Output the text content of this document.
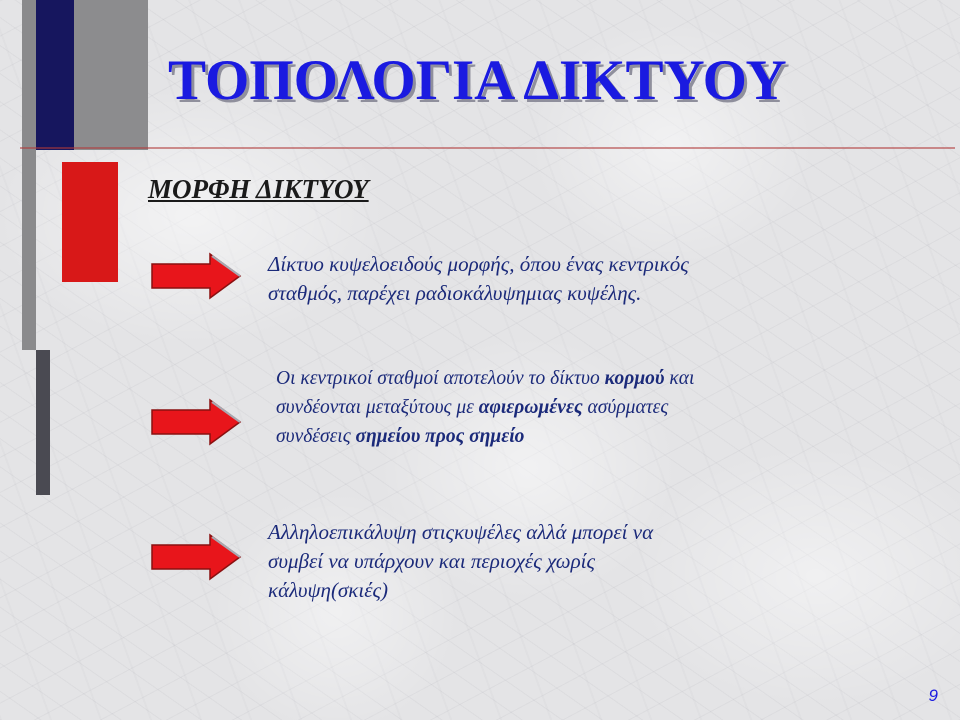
ΤΟΠΟΛΟΓΙΑ ΔΙΚΤΥΟΥ
ΜΟΡΦΗ ΔΙΚΤΥΟΥ

Δίκτυο κυψελοειδούς μορφής, όπου ένας κεντρικός
σταθμός, παρέχει ραδιοκάλυψημιας κυψέλης.

Οι κεντρικοί σταθμοί αποτελούν το δίκτυο κορμού και
συνδέονται μεταξύτους με αφιερωμένες ασύρματες
συνδέσεις σημείου προς σημείο

Αλληλοεπικάλυψη στιςκυψέλες αλλά μπορεί να
συμβεί να υπάρχουν και περιοχές χωρίς
κάλυψη(σκιές)

9
